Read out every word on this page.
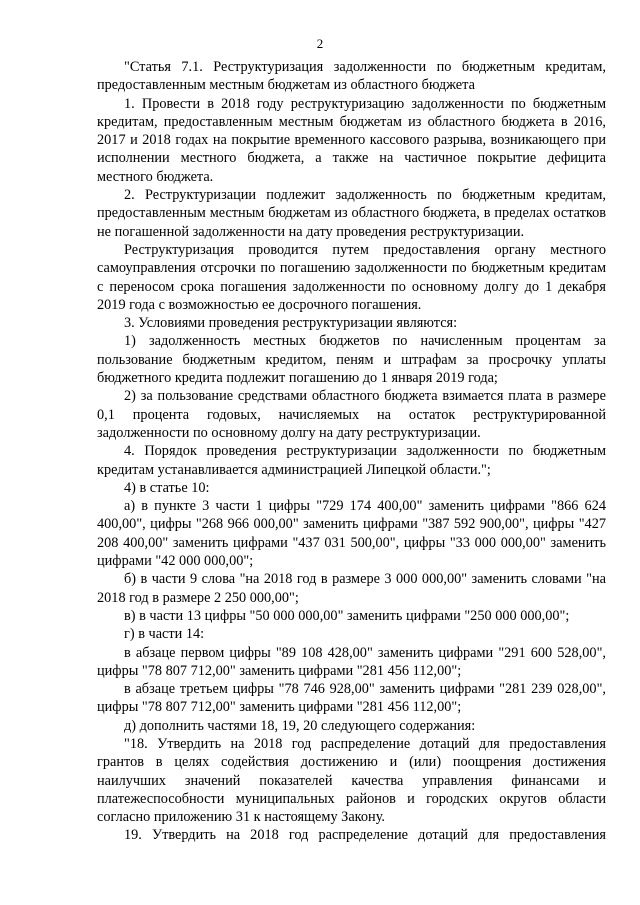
2

"Статья 7.1. Реструктуризация задолженности по бюджетным кредитам, предоставленным местным бюджетам из областного бюджета

1. Провести в 2018 году реструктуризацию задолженности по бюджетным кредитам, предоставленным местным бюджетам из областного бюджета в 2016, 2017 и 2018 годах на покрытие временного кассового разрыва, возникающего при исполнении местного бюджета, а также на частичное покрытие дефицита местного бюджета.

2. Реструктуризации подлежит задолженность по бюджетным кредитам, предоставленным местным бюджетам из областного бюджета, в пределах остатков не погашенной задолженности на дату проведения реструктуризации.

Реструктуризация проводится путем предоставления органу местного самоуправления отсрочки по погашению задолженности по бюджетным кредитам с переносом срока погашения задолженности по основному долгу до 1 декабря 2019 года с возможностью ее досрочного погашения.

3. Условиями проведения реструктуризации являются:

1) задолженность местных бюджетов по начисленным процентам за пользование бюджетным кредитом, пеням и штрафам за просрочку уплаты бюджетного кредита подлежит погашению до 1 января 2019 года;

2) за пользование средствами областного бюджета взимается плата в размере 0,1 процента годовых, начисляемых на остаток реструктурированной задолженности по основному долгу на дату реструктуризации.

4. Порядок проведения реструктуризации задолженности по бюджетным кредитам устанавливается администрацией Липецкой области.";

4) в статье 10:

а) в пункте 3 части 1 цифры "729 174 400,00" заменить цифрами "866 624 400,00", цифры "268 966 000,00" заменить цифрами "387 592 900,00", цифры "427 208 400,00" заменить цифрами "437 031 500,00", цифры "33 000 000,00" заменить цифрами "42 000 000,00";

б) в части 9 слова "на 2018 год в размере 3 000 000,00" заменить словами "на 2018 год в размере 2 250 000,00";

в) в части 13 цифры "50 000 000,00" заменить цифрами "250 000 000,00";

г) в части 14:

в абзаце первом цифры "89 108 428,00" заменить цифрами "291 600 528,00", цифры "78 807 712,00" заменить цифрами "281 456 112,00";

в абзаце третьем цифры "78 746 928,00" заменить цифрами "281 239 028,00", цифры "78 807 712,00" заменить цифрами "281 456 112,00";

д) дополнить частями 18, 19, 20 следующего содержания:

"18. Утвердить на 2018 год распределение дотаций для предоставления грантов в целях содействия достижению и (или) поощрения достижения наилучших значений показателей качества управления финансами и платежеспособности муниципальных районов и городских округов области согласно приложению 31 к настоящему Закону.

19. Утвердить на 2018 год распределение дотаций для предоставления
